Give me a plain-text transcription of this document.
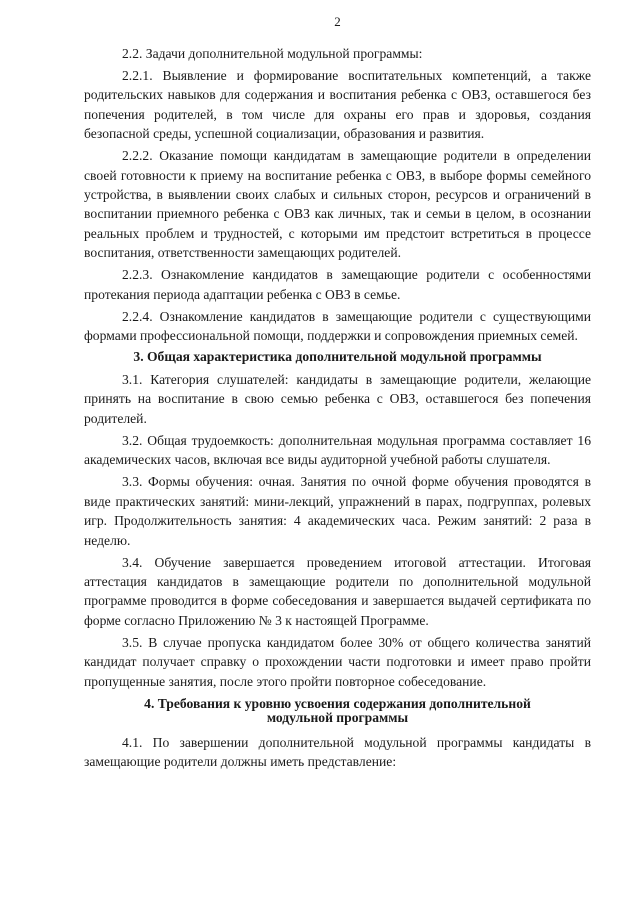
2

2.2. Задачи дополнительной модульной программы:

2.2.1. Выявление и формирование воспитательных компетенций, а также родительских навыков для содержания и воспитания ребенка с ОВЗ, оставшегося без попечения родителей, в том числе для охраны его прав и здоровья, создания безопасной среды, успешной социализации, образования и развития.

2.2.2. Оказание помощи кандидатам в замещающие родители в определении своей готовности к приему на воспитание ребенка с ОВЗ, в выборе формы семейного устройства, в выявлении своих слабых и сильных сторон, ресурсов и ограничений в воспитании приемного ребенка с ОВЗ как личных, так и семьи в целом, в осознании реальных проблем и трудностей, с которыми им предстоит встретиться в процессе воспитания, ответственности замещающих родителей.

2.2.3. Ознакомление кандидатов в замещающие родители с особенностями протекания периода адаптации ребенка с ОВЗ в семье.

2.2.4. Ознакомление кандидатов в замещающие родители с существующими формами профессиональной помощи, поддержки и сопровождения приемных семей.

3. Общая характеристика дополнительной модульной программы

3.1. Категория слушателей: кандидаты в замещающие родители, желающие принять на воспитание в свою семью ребенка с ОВЗ, оставшегося без попечения родителей.

3.2. Общая трудоемкость: дополнительная модульная программа составляет 16 академических часов, включая все виды аудиторной учебной работы слушателя.

3.3. Формы обучения: очная. Занятия по очной форме обучения проводятся в виде практических занятий: мини-лекций, упражнений в парах, подгруппах, ролевых игр. Продолжительность занятия: 4 академических часа. Режим занятий: 2 раза в неделю.

3.4. Обучение завершается проведением итоговой аттестации. Итоговая аттестация кандидатов в замещающие родители по дополнительной модульной программе проводится в форме собеседования и завершается выдачей сертификата по форме согласно Приложению № 3 к настоящей Программе.

3.5. В случае пропуска кандидатом более 30% от общего количества занятий кандидат получает справку о прохождении части подготовки и имеет право пройти пропущенные занятия, после этого пройти повторное собеседование.

4. Требования к уровню усвоения содержания дополнительной
модульной программы

4.1. По завершении дополнительной модульной программы кандидаты в замещающие родители должны иметь представление:
